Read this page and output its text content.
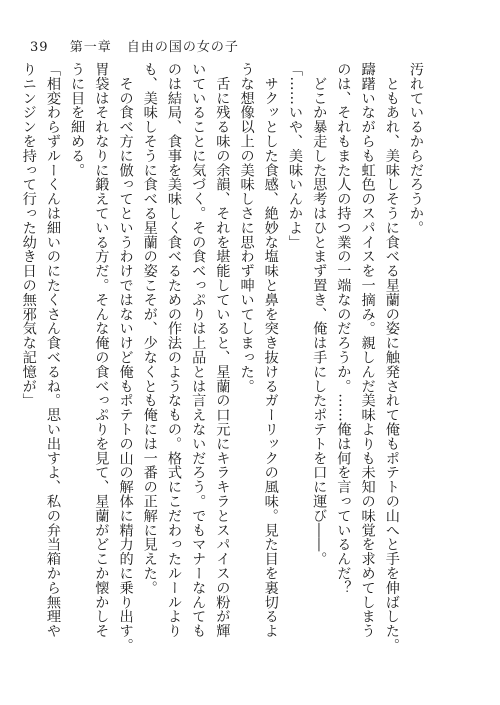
39 第一章 自由の国の女の子
汚れているからだろうか。
　ともあれ、美味しそうに食べる星蘭の姿に触発されて俺もポテトの山へと手を伸ばした。
躊躇いながらも虹色のスパイスを一摘み。親しんだ美味よりも未知の味覚を求めてしまう
のは、それもまた人の持つ業の一端なのだろうか。……俺は何を言っているんだ？
　どこか暴走した思考はひとまず置き、俺は手にしたポテトを口に運び――。
「……いや、美味いんかよ」
　サクッとした食感、絶妙な塩味と鼻を突き抜けるガーリックの風味。見た目を裏切るよ
うな想像以上の美味しさに思わず呻いてしまった。
　舌に残る味の余韻、それを堪能していると、星蘭の口元にキラキラとスパイスの粉が輝
いていることに気づく。その食べっぷりは上品とは言えないだろう。でもマナーなんても
のは結局、食事を美味しく食べるための作法のようなもの。格式にこだわったルールより
も、美味しそうに食べる星蘭の姿こそが、少なくとも俺には一番の正解に見えた。
　その食べ方に倣ってというわけではないけど俺もポテトの山の解体に精力的に乗り出す。
胃袋はそれなりに鍛えている方だ。そんな俺の食べっぷりを見て、星蘭がどこか懐かしそ
うに目を細める。
「相変わらずルーくんは細いのにたくさん食べるね。思い出すよ、私の弁当箱から無理や
りニンジンを持って行った幼き日の無邪気な記憶が」
